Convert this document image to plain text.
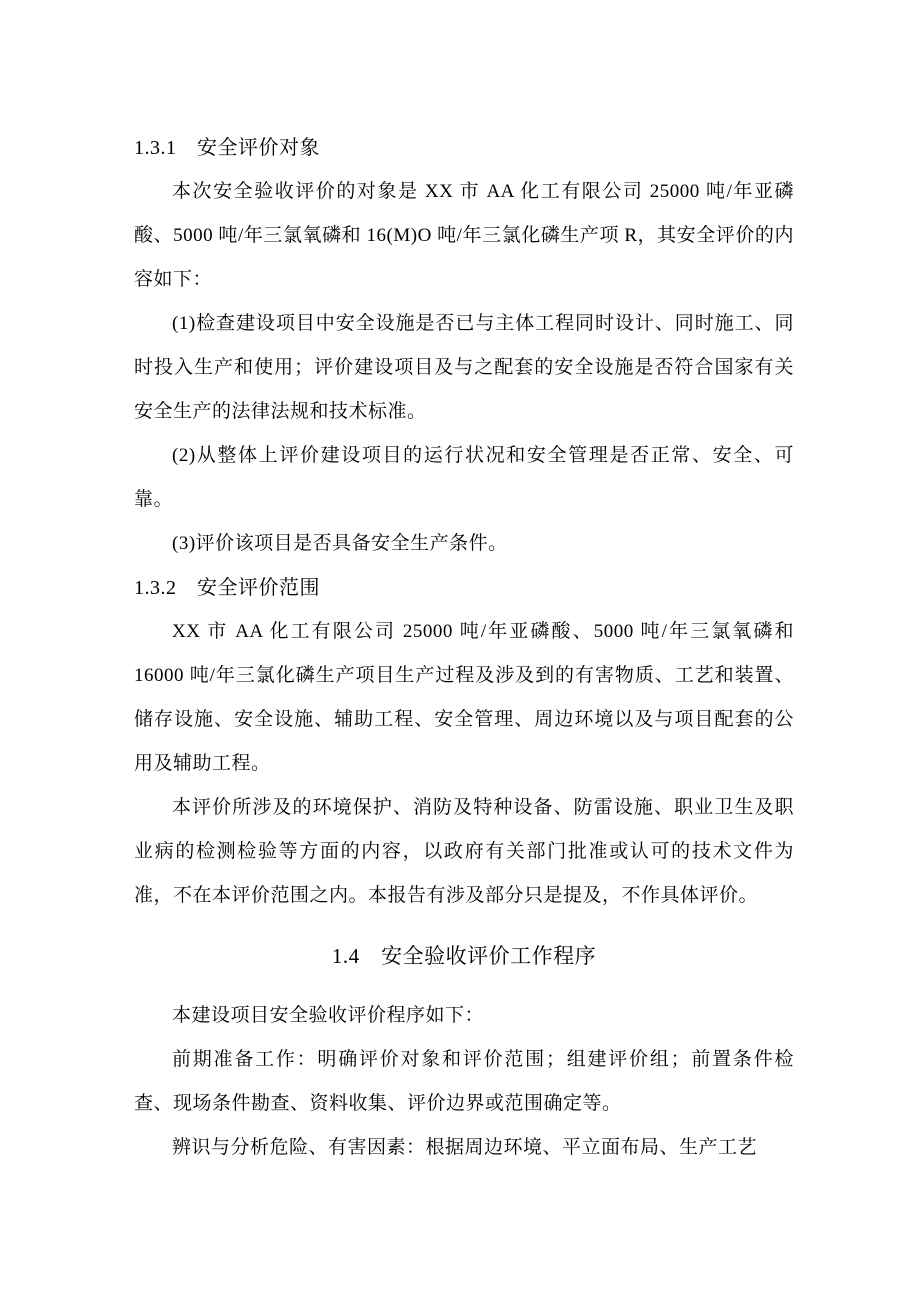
1.3.1　安全评价对象

本次安全验收评价的对象是 XX 市 AA 化工有限公司 25000 吨/年亚磷酸、5000 吨/年三氯氧磷和 16(M)O 吨/年三氯化磷生产项 R，其安全评价的内容如下：

(1)检查建设项目中安全设施是否已与主体工程同时设计、同时施工、同时投入生产和使用；评价建设项目及与之配套的安全设施是否符合国家有关安全生产的法律法规和技术标准。

(2)从整体上评价建设项目的运行状况和安全管理是否正常、安全、可靠。

(3)评价该项目是否具备安全生产条件。

1.3.2　安全评价范围

XX 市 AA 化工有限公司 25000 吨/年亚磷酸、5000 吨/年三氯氧磷和 16000 吨/年三氯化磷生产项目生产过程及涉及到的有害物质、工艺和装置、储存设施、安全设施、辅助工程、安全管理、周边环境以及与项目配套的公用及辅助工程。

本评价所涉及的环境保护、消防及特种设备、防雷设施、职业卫生及职业病的检测检验等方面的内容，以政府有关部门批准或认可的技术文件为准，不在本评价范围之内。本报告有涉及部分只是提及，不作具体评价。

1.4　安全验收评价工作程序

本建设项目安全验收评价程序如下：

前期准备工作：明确评价对象和评价范围；组建评价组；前置条件检查、现场条件勘查、资料收集、评价边界或范围确定等。

辨识与分析危险、有害因素：根据周边环境、平立面布局、生产工艺
